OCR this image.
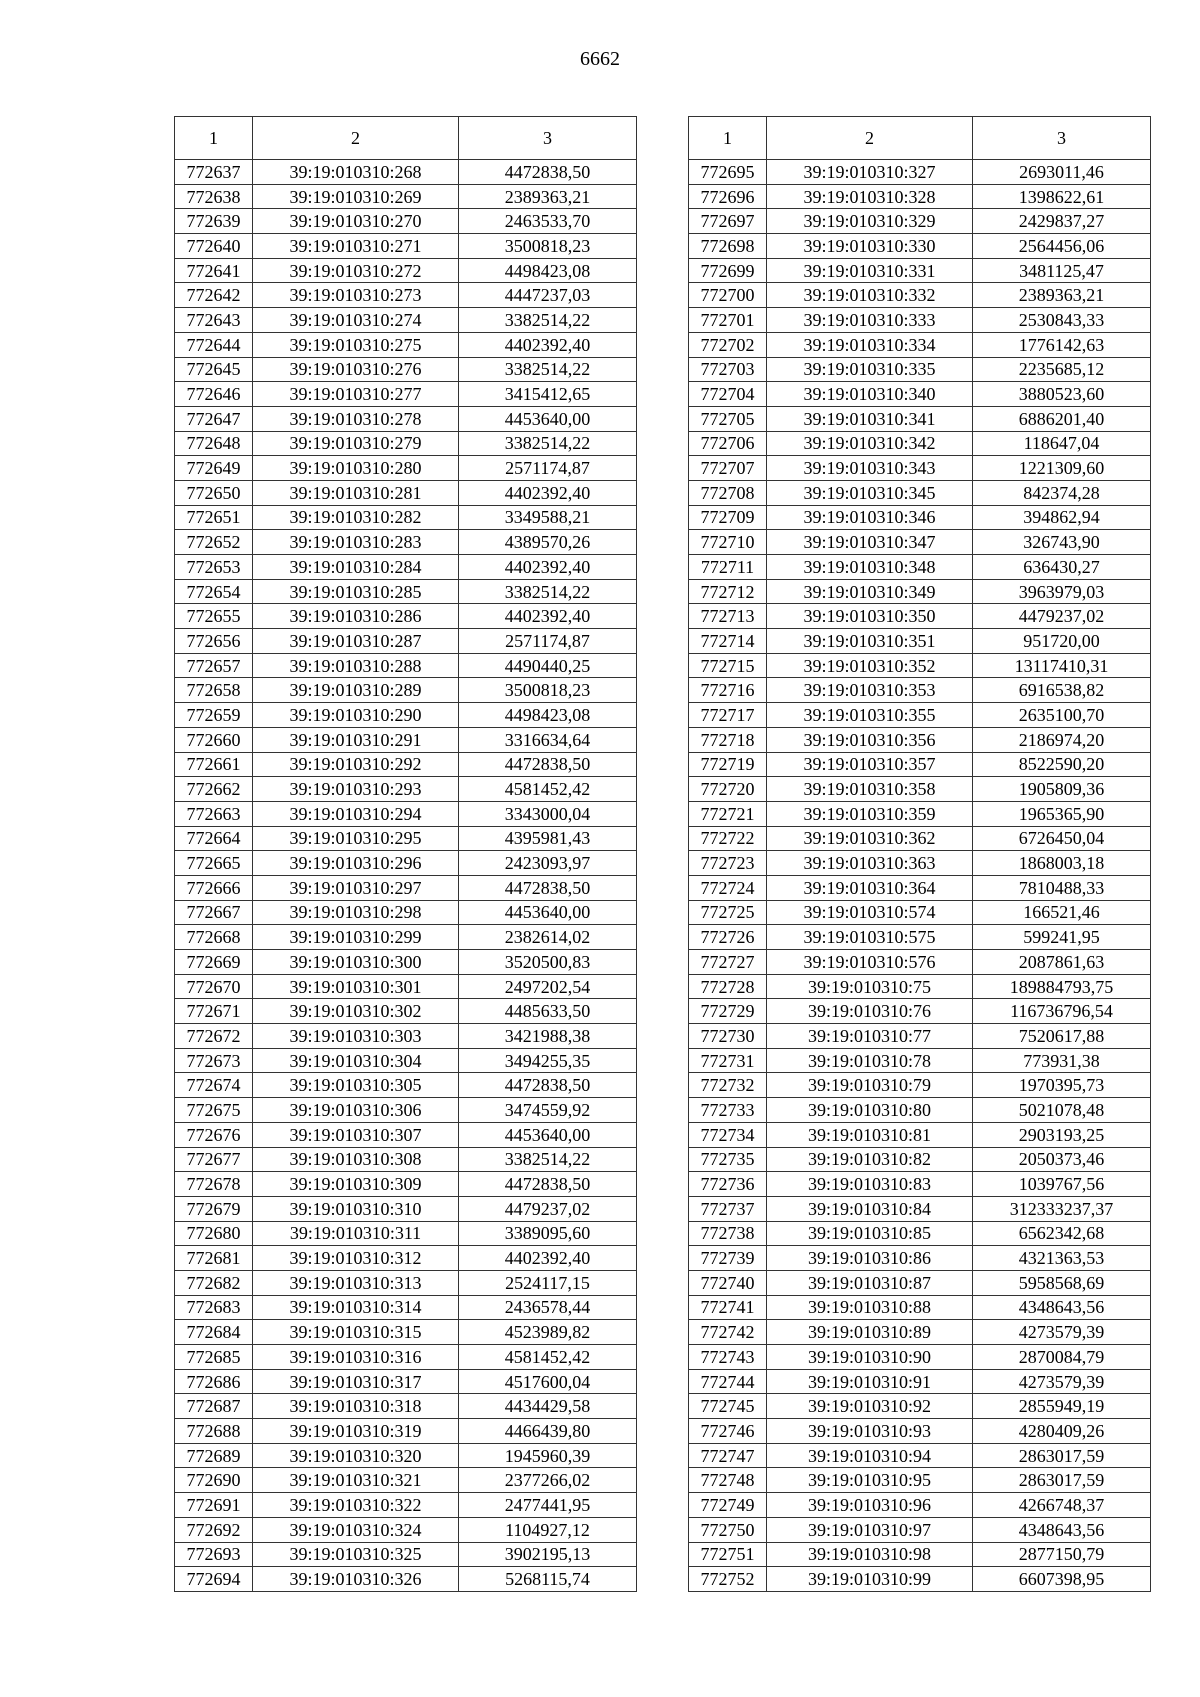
6662
1	2	3
772637	39:19:010310:268	4472838,50
772638	39:19:010310:269	2389363,21
772639	39:19:010310:270	2463533,70
772640	39:19:010310:271	3500818,23
772641	39:19:010310:272	4498423,08
772642	39:19:010310:273	4447237,03
772643	39:19:010310:274	3382514,22
772644	39:19:010310:275	4402392,40
772645	39:19:010310:276	3382514,22
772646	39:19:010310:277	3415412,65
772647	39:19:010310:278	4453640,00
772648	39:19:010310:279	3382514,22
772649	39:19:010310:280	2571174,87
772650	39:19:010310:281	4402392,40
772651	39:19:010310:282	3349588,21
772652	39:19:010310:283	4389570,26
772653	39:19:010310:284	4402392,40
772654	39:19:010310:285	3382514,22
772655	39:19:010310:286	4402392,40
772656	39:19:010310:287	2571174,87
772657	39:19:010310:288	4490440,25
772658	39:19:010310:289	3500818,23
772659	39:19:010310:290	4498423,08
772660	39:19:010310:291	3316634,64
772661	39:19:010310:292	4472838,50
772662	39:19:010310:293	4581452,42
772663	39:19:010310:294	3343000,04
772664	39:19:010310:295	4395981,43
772665	39:19:010310:296	2423093,97
772666	39:19:010310:297	4472838,50
772667	39:19:010310:298	4453640,00
772668	39:19:010310:299	2382614,02
772669	39:19:010310:300	3520500,83
772670	39:19:010310:301	2497202,54
772671	39:19:010310:302	4485633,50
772672	39:19:010310:303	3421988,38
772673	39:19:010310:304	3494255,35
772674	39:19:010310:305	4472838,50
772675	39:19:010310:306	3474559,92
772676	39:19:010310:307	4453640,00
772677	39:19:010310:308	3382514,22
772678	39:19:010310:309	4472838,50
772679	39:19:010310:310	4479237,02
772680	39:19:010310:311	3389095,60
772681	39:19:010310:312	4402392,40
772682	39:19:010310:313	2524117,15
772683	39:19:010310:314	2436578,44
772684	39:19:010310:315	4523989,82
772685	39:19:010310:316	4581452,42
772686	39:19:010310:317	4517600,04
772687	39:19:010310:318	4434429,58
772688	39:19:010310:319	4466439,80
772689	39:19:010310:320	1945960,39
772690	39:19:010310:321	2377266,02
772691	39:19:010310:322	2477441,95
772692	39:19:010310:324	1104927,12
772693	39:19:010310:325	3902195,13
772694	39:19:010310:326	5268115,74
1	2	3
772695	39:19:010310:327	2693011,46
772696	39:19:010310:328	1398622,61
772697	39:19:010310:329	2429837,27
772698	39:19:010310:330	2564456,06
772699	39:19:010310:331	3481125,47
772700	39:19:010310:332	2389363,21
772701	39:19:010310:333	2530843,33
772702	39:19:010310:334	1776142,63
772703	39:19:010310:335	2235685,12
772704	39:19:010310:340	3880523,60
772705	39:19:010310:341	6886201,40
772706	39:19:010310:342	118647,04
772707	39:19:010310:343	1221309,60
772708	39:19:010310:345	842374,28
772709	39:19:010310:346	394862,94
772710	39:19:010310:347	326743,90
772711	39:19:010310:348	636430,27
772712	39:19:010310:349	3963979,03
772713	39:19:010310:350	4479237,02
772714	39:19:010310:351	951720,00
772715	39:19:010310:352	13117410,31
772716	39:19:010310:353	6916538,82
772717	39:19:010310:355	2635100,70
772718	39:19:010310:356	2186974,20
772719	39:19:010310:357	8522590,20
772720	39:19:010310:358	1905809,36
772721	39:19:010310:359	1965365,90
772722	39:19:010310:362	6726450,04
772723	39:19:010310:363	1868003,18
772724	39:19:010310:364	7810488,33
772725	39:19:010310:574	166521,46
772726	39:19:010310:575	599241,95
772727	39:19:010310:576	2087861,63
772728	39:19:010310:75	189884793,75
772729	39:19:010310:76	116736796,54
772730	39:19:010310:77	7520617,88
772731	39:19:010310:78	773931,38
772732	39:19:010310:79	1970395,73
772733	39:19:010310:80	5021078,48
772734	39:19:010310:81	2903193,25
772735	39:19:010310:82	2050373,46
772736	39:19:010310:83	1039767,56
772737	39:19:010310:84	312333237,37
772738	39:19:010310:85	6562342,68
772739	39:19:010310:86	4321363,53
772740	39:19:010310:87	5958568,69
772741	39:19:010310:88	4348643,56
772742	39:19:010310:89	4273579,39
772743	39:19:010310:90	2870084,79
772744	39:19:010310:91	4273579,39
772745	39:19:010310:92	2855949,19
772746	39:19:010310:93	4280409,26
772747	39:19:010310:94	2863017,59
772748	39:19:010310:95	2863017,59
772749	39:19:010310:96	4266748,37
772750	39:19:010310:97	4348643,56
772751	39:19:010310:98	2877150,79
772752	39:19:010310:99	6607398,95
